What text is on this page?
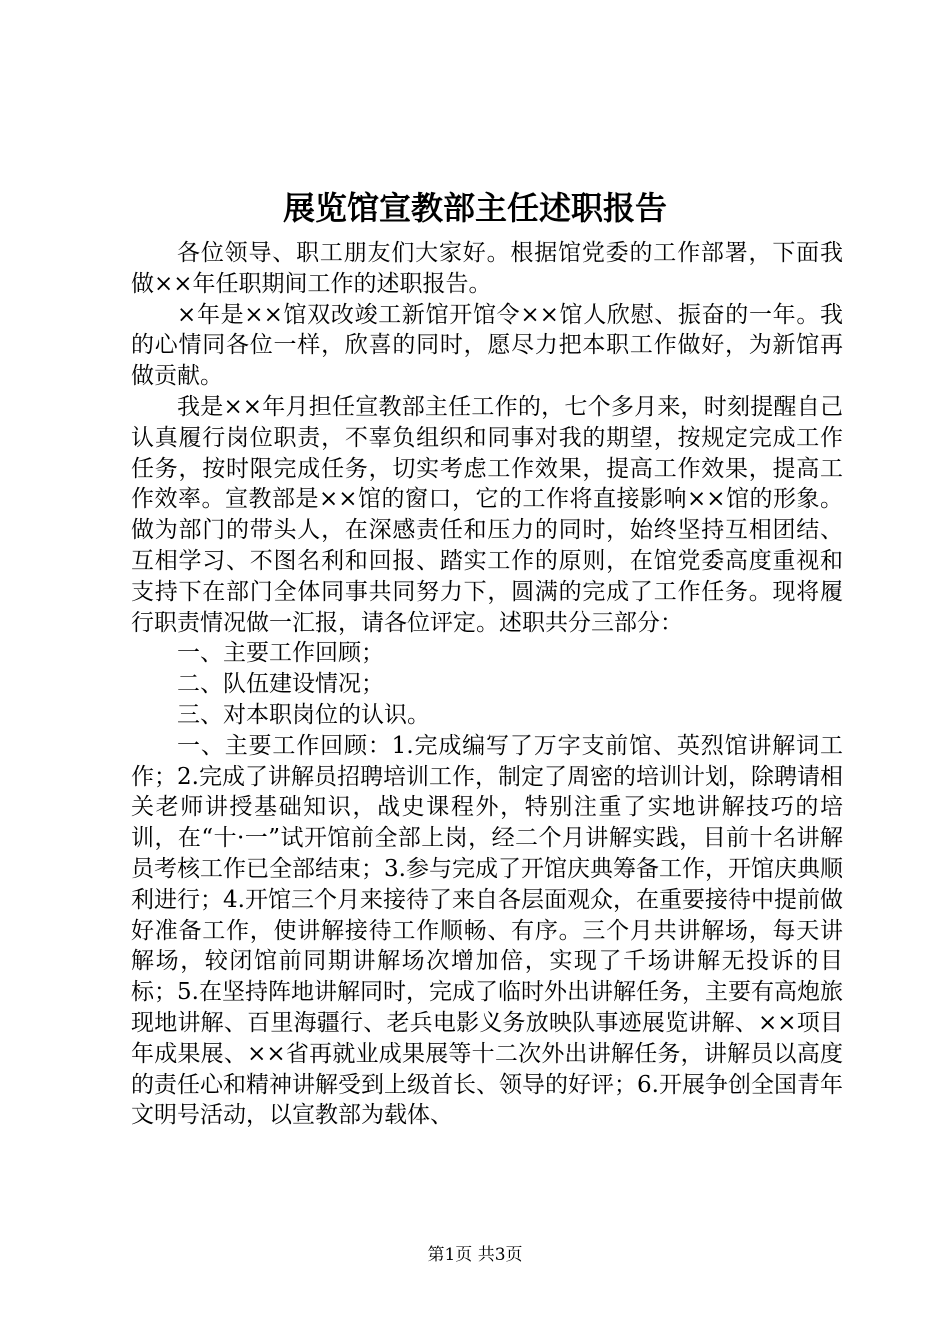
展览馆宣教部主任述职报告

各位领导、职工朋友们大家好。根据馆党委的工作部署，下面我做××年任职期间工作的述职报告。

×年是××馆双改竣工新馆开馆令××馆人欣慰、振奋的一年。我的心情同各位一样，欣喜的同时，愿尽力把本职工作做好，为新馆再做贡献。

我是××年月担任宣教部主任工作的，七个多月来，时刻提醒自己认真履行岗位职责，不辜负组织和同事对我的期望，按规定完成工作任务，按时限完成任务，切实考虑工作效果，提高工作效果，提高工作效率。宣教部是××馆的窗口，它的工作将直接影响××馆的形象。做为部门的带头人，在深感责任和压力的同时，始终坚持互相团结、互相学习、不图名利和回报、踏实工作的原则，在馆党委高度重视和支持下在部门全体同事共同努力下，圆满的完成了工作任务。现将履行职责情况做一汇报，请各位评定。述职共分三部分：

一、主要工作回顾；

二、队伍建设情况；

三、对本职岗位的认识。

一、主要工作回顾：1.完成编写了万字支前馆、英烈馆讲解词工作；2.完成了讲解员招聘培训工作，制定了周密的培训计划，除聘请相关老师讲授基础知识，战史课程外，特别注重了实地讲解技巧的培训，在“十·一”试开馆前全部上岗，经二个月讲解实践，目前十名讲解员考核工作已全部结束；3.参与完成了开馆庆典筹备工作，开馆庆典顺利进行；4.开馆三个月来接待了来自各层面观众，在重要接待中提前做好准备工作，使讲解接待工作顺畅、有序。三个月共讲解场，每天讲解场，较闭馆前同期讲解场次增加倍，实现了千场讲解无投诉的目标；5.在坚持阵地讲解同时，完成了临时外出讲解任务，主要有高炮旅现地讲解、百里海疆行、老兵电影义务放映队事迹展览讲解、××项目年成果展、××省再就业成果展等十二次外出讲解任务，讲解员以高度的责任心和精神讲解受到上级首长、领导的好评；6.开展争创全国青年文明号活动，以宣教部为载体、

第1页 共3页
